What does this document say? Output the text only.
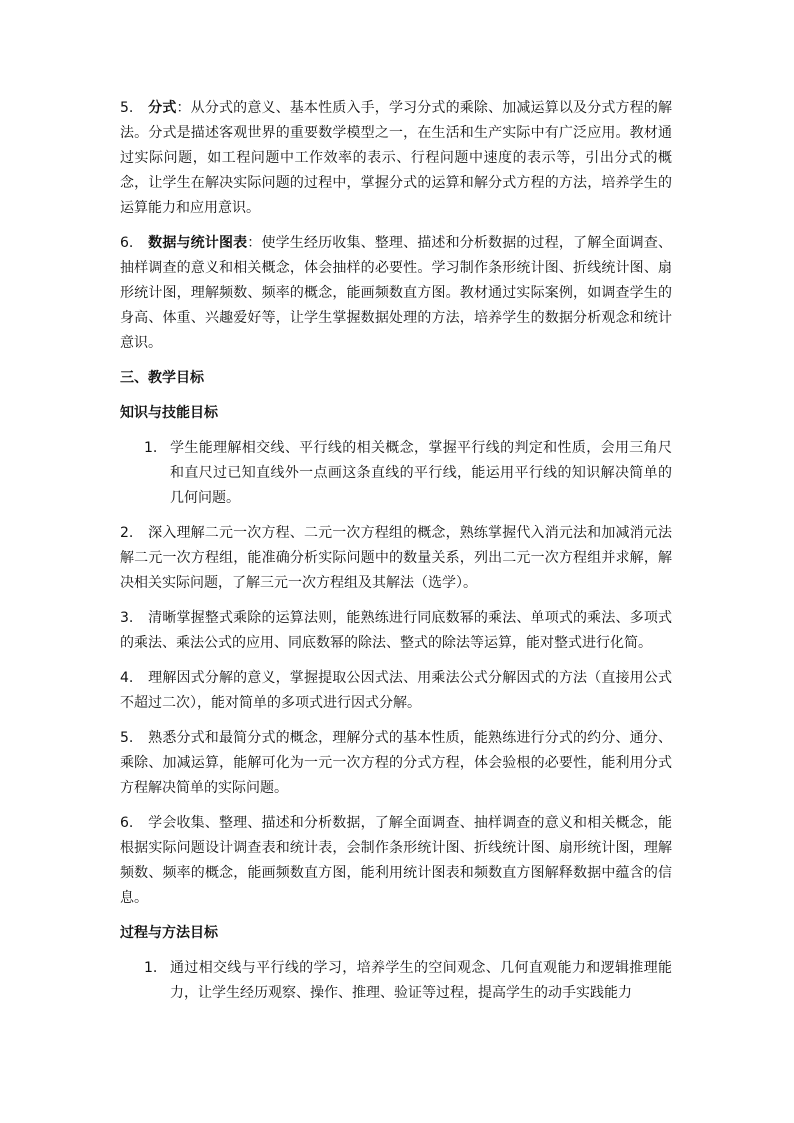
5. 分式：从分式的意义、基本性质入手，学习分式的乘除、加减运算以及分式方程的解法。分式是描述客观世界的重要数学模型之一，在生活和生产实际中有广泛应用。教材通过实际问题，如工程问题中工作效率的表示、行程问题中速度的表示等，引出分式的概念，让学生在解决实际问题的过程中，掌握分式的运算和解分式方程的方法，培养学生的运算能力和应用意识。

6. 数据与统计图表：使学生经历收集、整理、描述和分析数据的过程，了解全面调查、抽样调查的意义和相关概念，体会抽样的必要性。学习制作条形统计图、折线统计图、扇形统计图，理解频数、频率的概念，能画频数直方图。教材通过实际案例，如调查学生的身高、体重、兴趣爱好等，让学生掌握数据处理的方法，培养学生的数据分析观念和统计意识。

三、教学目标
知识与技能目标
1. 学生能理解相交线、平行线的相关概念，掌握平行线的判定和性质，会用三角尺和直尺过已知直线外一点画这条直线的平行线，能运用平行线的知识解决简单的几何问题。

2. 深入理解二元一次方程、二元一次方程组的概念，熟练掌握代入消元法和加减消元法解二元一次方程组，能准确分析实际问题中的数量关系，列出二元一次方程组并求解，解决相关实际问题，了解三元一次方程组及其解法（选学）。

3. 清晰掌握整式乘除的运算法则，能熟练进行同底数幂的乘法、单项式的乘法、多项式的乘法、乘法公式的应用、同底数幂的除法、整式的除法等运算，能对整式进行化简。

4. 理解因式分解的意义，掌握提取公因式法、用乘法公式分解因式的方法（直接用公式不超过二次），能对简单的多项式进行因式分解。

5. 熟悉分式和最简分式的概念，理解分式的基本性质，能熟练进行分式的约分、通分、乘除、加减运算，能解可化为一元一次方程的分式方程，体会验根的必要性，能利用分式方程解决简单的实际问题。

6. 学会收集、整理、描述和分析数据，了解全面调查、抽样调查的意义和相关概念，能根据实际问题设计调查表和统计表，会制作条形统计图、折线统计图、扇形统计图，理解频数、频率的概念，能画频数直方图，能利用统计图表和频数直方图解释数据中蕴含的信息。

过程与方法目标
1. 通过相交线与平行线的学习，培养学生的空间观念、几何直观能力和逻辑推理能力，让学生经历观察、操作、推理、验证等过程，提高学生的动手实践能力
